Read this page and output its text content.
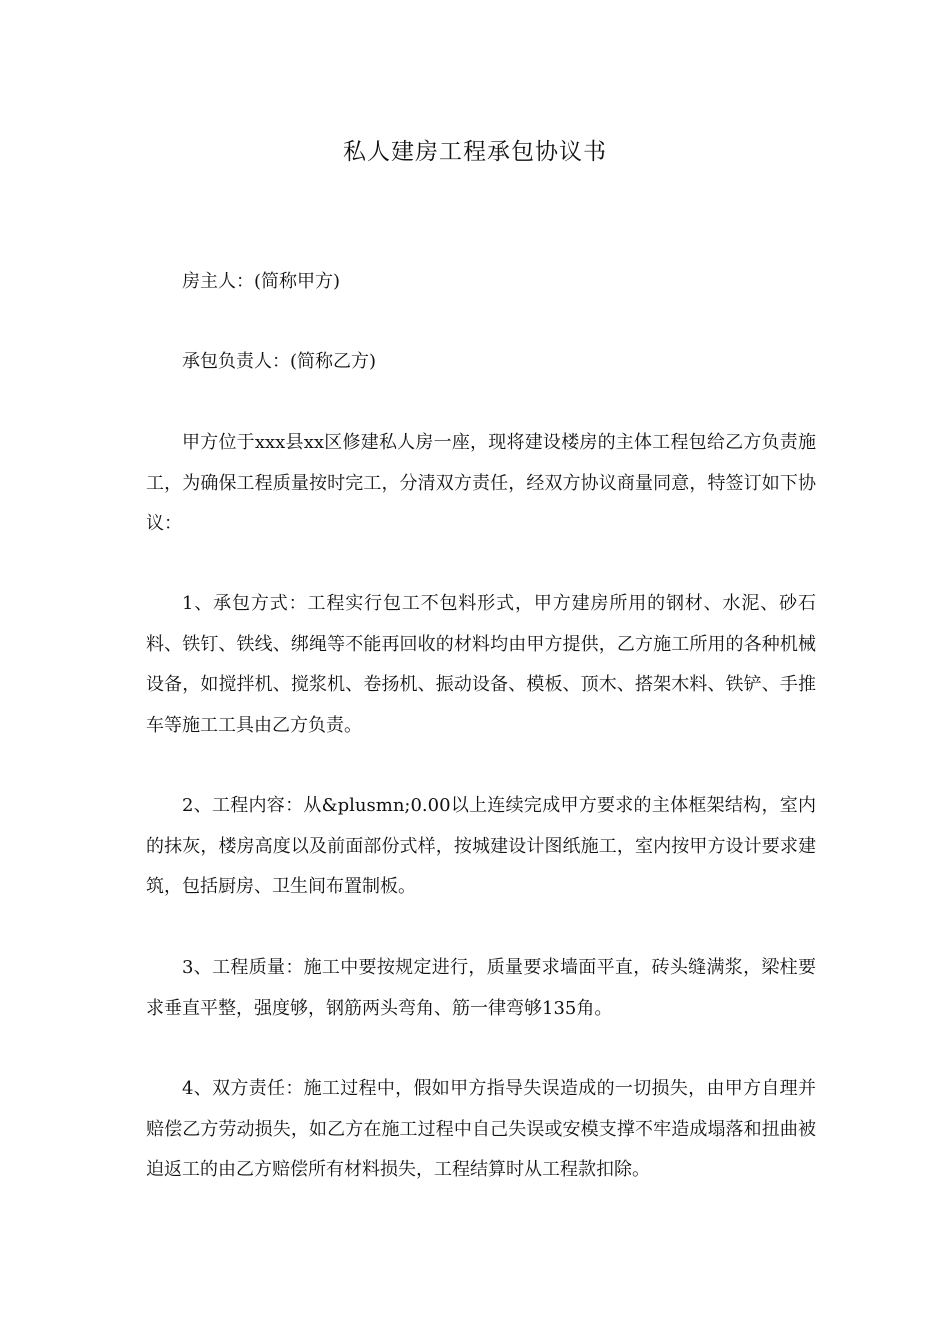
私人建房工程承包协议书

房主人：(简称甲方)

承包负责人：(简称乙方)

甲方位于xxx县xx区修建私人房一座，现将建设楼房的主体工程包给乙方负责施工，为确保工程质量按时完工，分清双方责任，经双方协议商量同意，特签订如下协议：

1、承包方式：工程实行包工不包料形式，甲方建房所用的钢材、水泥、砂石料、铁钉、铁线、绑绳等不能再回收的材料均由甲方提供，乙方施工所用的各种机械设备，如搅拌机、搅浆机、卷扬机、振动设备、模板、顶木、搭架木料、铁铲、手推车等施工工具由乙方负责。

2、工程内容：从&plusmn;0.00以上连续完成甲方要求的主体框架结构，室内的抹灰，楼房高度以及前面部份式样，按城建设计图纸施工，室内按甲方设计要求建筑，包括厨房、卫生间布置制板。

3、工程质量：施工中要按规定进行，质量要求墙面平直，砖头缝满浆，梁柱要求垂直平整，强度够，钢筋两头弯角、筋一律弯够135角。

4、双方责任：施工过程中，假如甲方指导失误造成的一切损失，由甲方自理并赔偿乙方劳动损失，如乙方在施工过程中自己失误或安模支撑不牢造成塌落和扭曲被迫返工的由乙方赔偿所有材料损失，工程结算时从工程款扣除。
